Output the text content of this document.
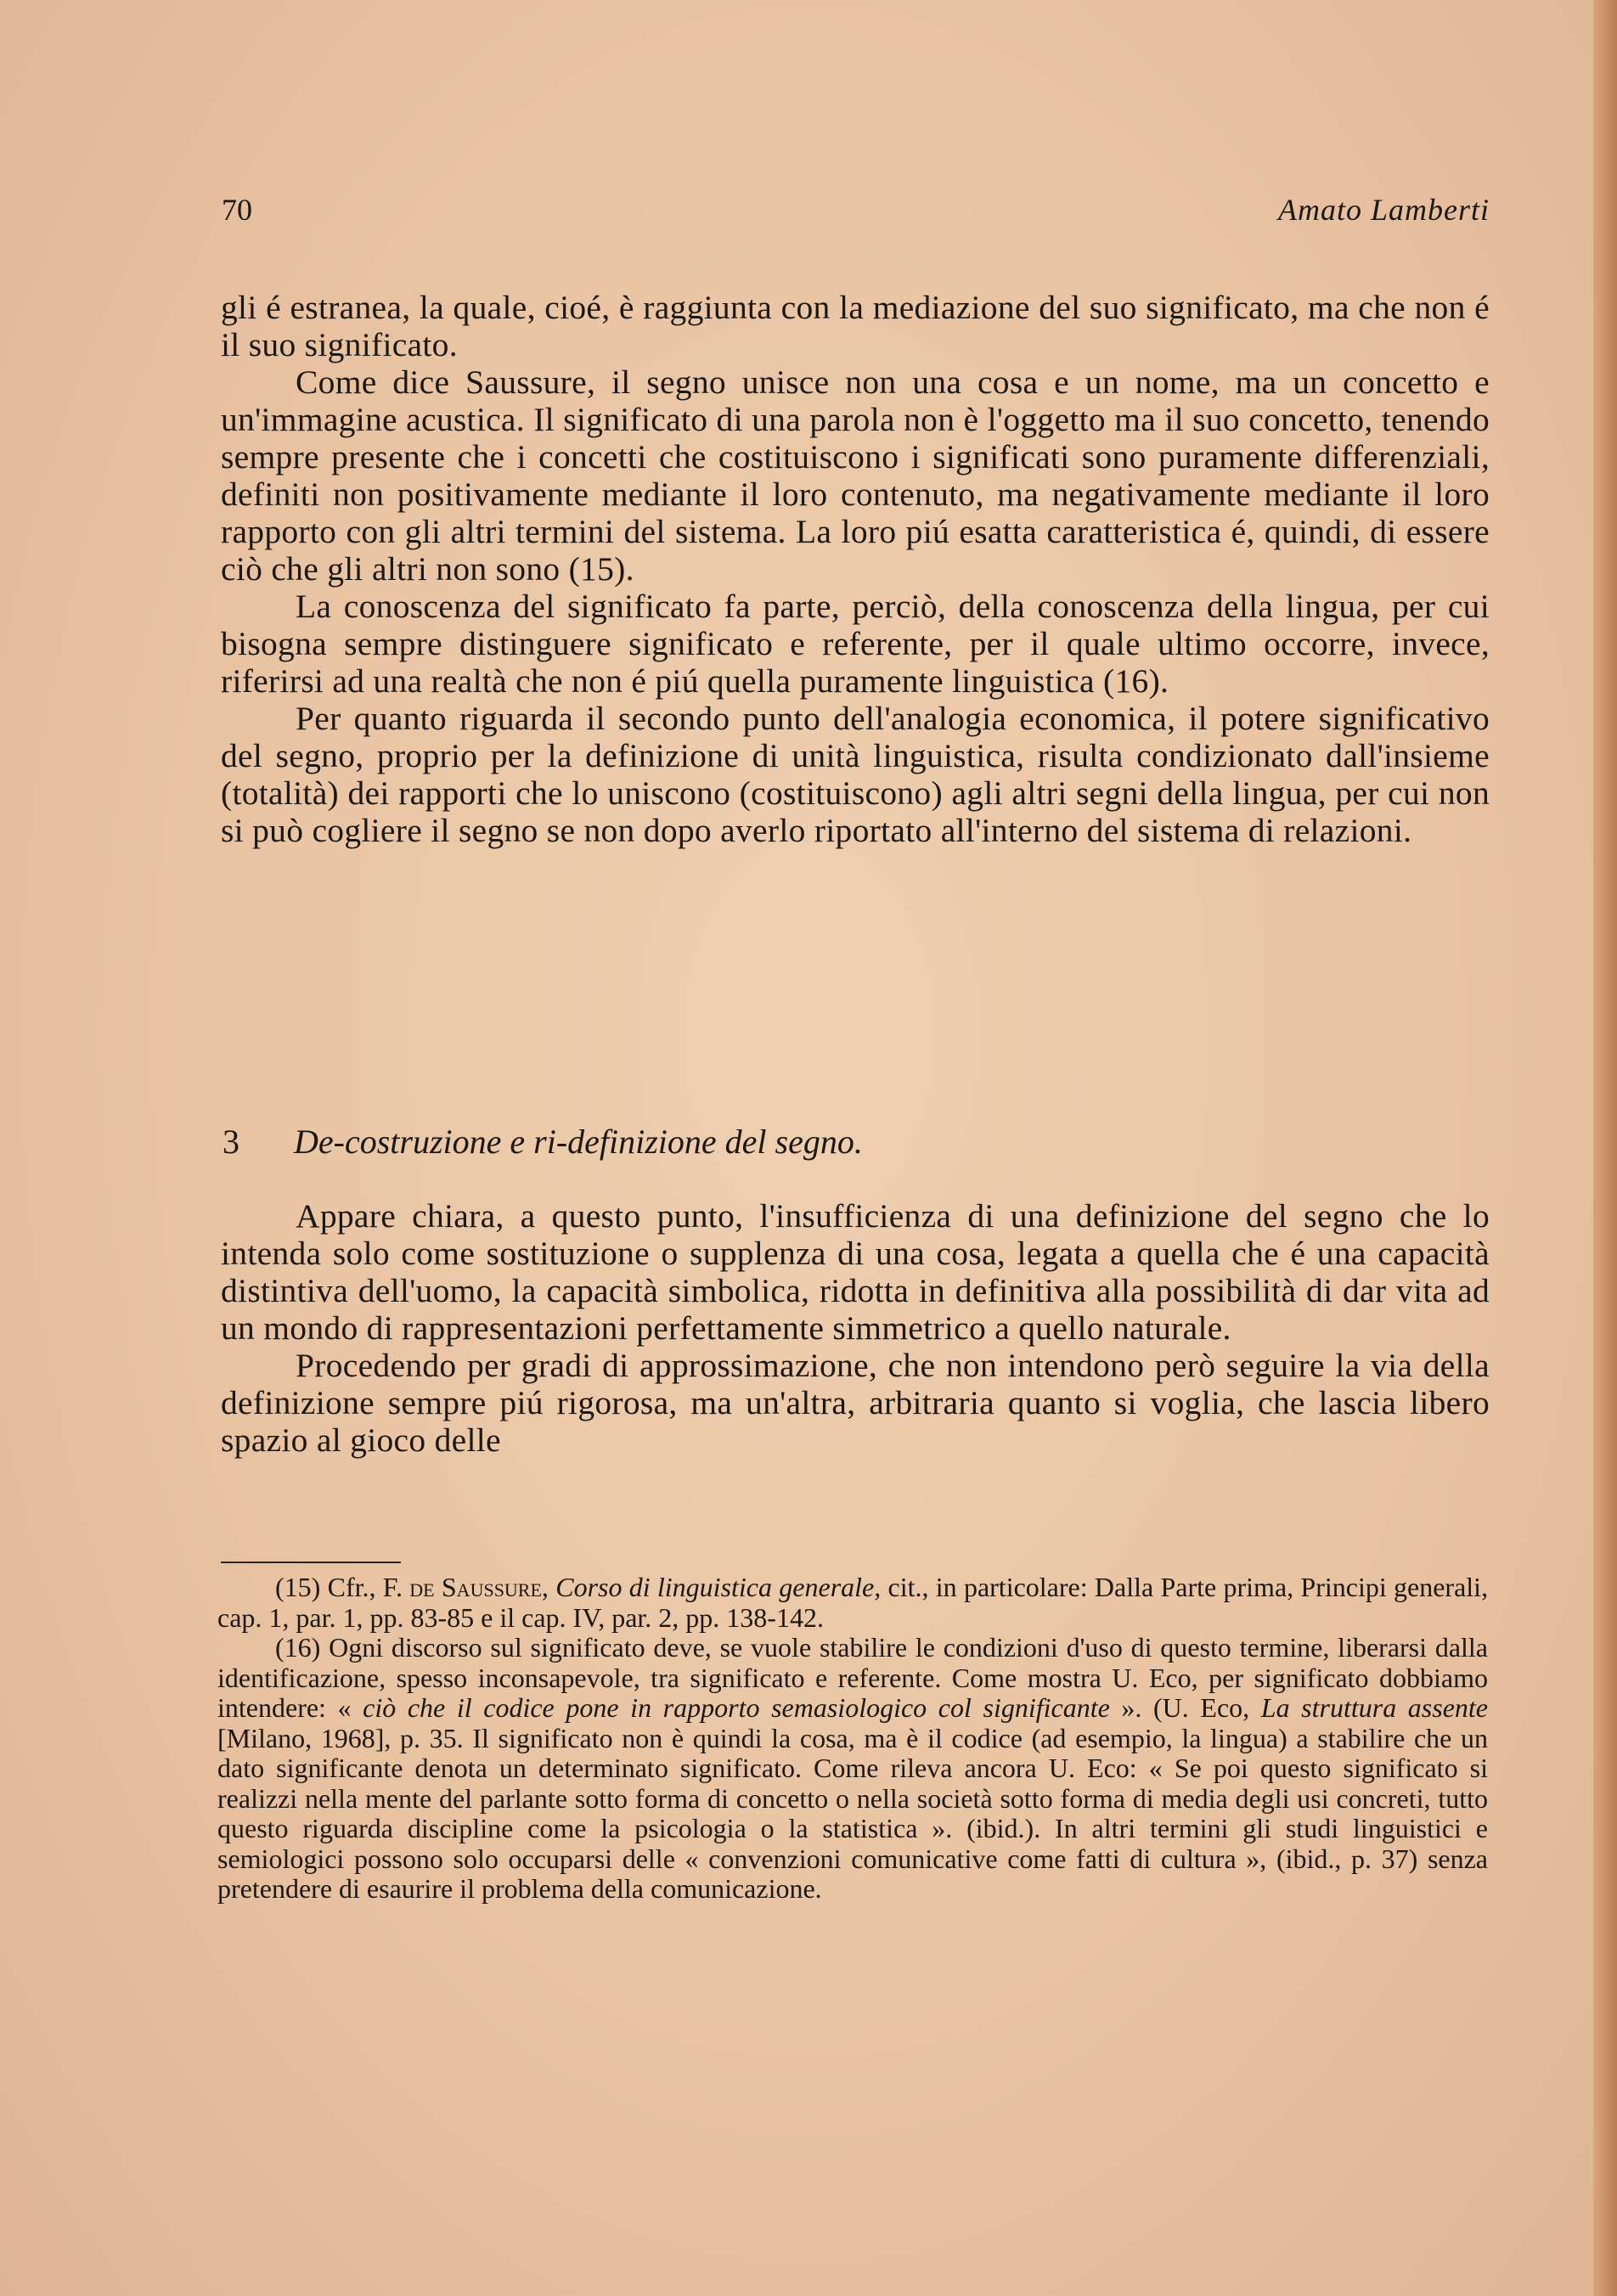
70	Amato Lamberti

gli é estranea, la quale, cioé, è raggiunta con la mediazione del suo significato, ma che non é il suo significato.

Come dice Saussure, il segno unisce non una cosa e un nome, ma un concetto e un'immagine acustica. Il significato di una parola non è l'oggetto ma il suo concetto, tenendo sempre presente che i concetti che costituiscono i significati sono puramente differenziali, definiti non positivamente mediante il loro contenuto, ma negativamente mediante il loro rapporto con gli altri termini del sistema. La loro piú esatta caratteristica é, quindi, di essere ciò che gli altri non sono (15).

La conoscenza del significato fa parte, perciò, della conoscenza della lingua, per cui bisogna sempre distinguere significato e referente, per il quale ultimo occorre, invece, riferirsi ad una realtà che non é piú quella puramente linguistica (16).

Per quanto riguarda il secondo punto dell'analogia economica, il potere significativo del segno, proprio per la definizione di unità linguistica, risulta condizionato dall'insieme (totalità) dei rapporti che lo uniscono (costituiscono) agli altri segni della lingua, per cui non si può cogliere il segno se non dopo averlo riportato all'interno del sistema di relazioni.

3 De-costruzione e ri-definizione del segno.

Appare chiara, a questo punto, l'insufficienza di una definizione del segno che lo intenda solo come sostituzione o supplenza di una cosa, legata a quella che é una capacità distintiva dell'uomo, la capacità simbolica, ridotta in definitiva alla possibilità di dar vita ad un mondo di rappresentazioni perfettamente simmetrico a quello naturale.

Procedendo per gradi di approssimazione, che non intendono però seguire la via della definizione sempre piú rigorosa, ma un'altra, arbitraria quanto si voglia, che lascia libero spazio al gioco delle

(15) Cfr., F. de Saussure, Corso di linguistica generale, cit., in particolare: Dalla Parte prima, Principi generali, cap. 1, par. 1, pp. 83-85 e il cap. IV, par. 2, pp. 138-142.

(16) Ogni discorso sul significato deve, se vuole stabilire le condizioni d'uso di questo termine, liberarsi dalla identificazione, spesso inconsapevole, tra significato e referente. Come mostra U. Eco, per significato dobbiamo intendere: « ciò che il codice pone in rapporto semasiologico col significante ». (U. Eco, La struttura assente [Milano, 1968], p. 35. Il significato non è quindi la cosa, ma è il codice (ad esempio, la lingua) a stabilire che un dato significante denota un determinato significato. Come rileva ancora U. Eco: « Se poi questo significato si realizzi nella mente del parlante sotto forma di concetto o nella società sotto forma di media degli usi concreti, tutto questo riguarda discipline come la psicologia o la statistica ». (ibid.). In altri termini gli studi linguistici e semiologici possono solo occuparsi delle « convenzioni comunicative come fatti di cultura », (ibid., p. 37) senza pretendere di esaurire il problema della comunicazione.
